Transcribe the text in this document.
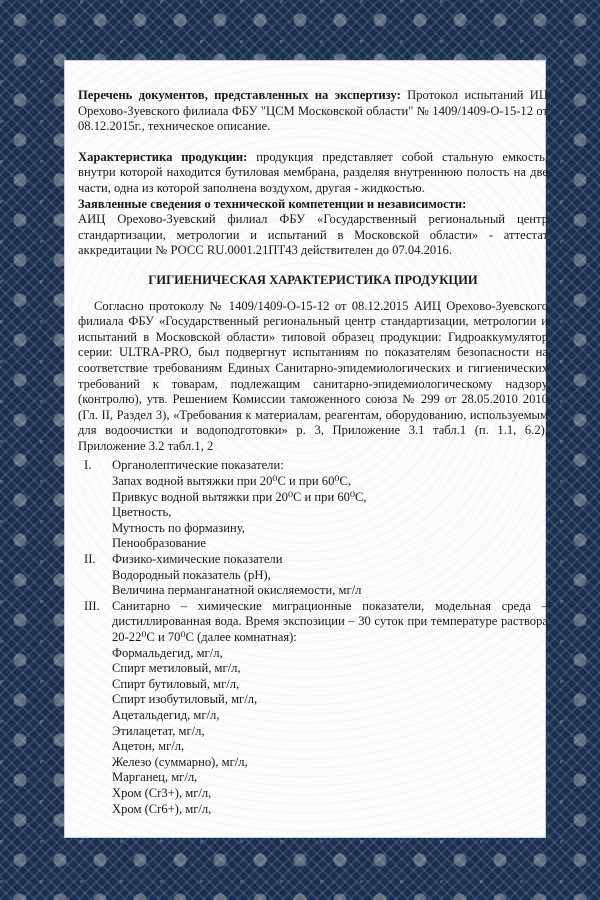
Перечень документов, представленных на экспертизу: Протокол испытаний ИЦ Орехово-Зуевского филиала ФБУ "ЦСМ Московской области" № 1409/1409-О-15-12 от 08.12.2015г., техническое описание.

Характеристика продукции: продукция представляет собой стальную емкость, внутри которой находится бутиловая мембрана, разделяя внутреннюю полость на две части, одна из которой заполнена воздухом, другая - жидкостью.

Заявленные сведения о технической компетенции и независимости:

АИЦ Орехово-Зуевский филиал ФБУ «Государственный региональный центр стандартизации, метрологии и испытаний в Московской области» - аттестат аккредитации № РОСС RU.0001.21ПТ43 действителен до 07.04.2016.

ГИГИЕНИЧЕСКАЯ ХАРАКТЕРИСТИКА ПРОДУКЦИИ

Согласно протоколу № 1409/1409-О-15-12 от 08.12.2015 АИЦ Орехово-Зуевского филиала ФБУ «Государственный региональный центр стандартизации, метрологии и испытаний в Московской области» типовой образец продукции: Гидроаккумулятор серии: ULTRA-PRO, был подвергнут испытаниям по показателям безопасности на соответствие требованиям Единых Санитарно-эпидемиологических и гигиенических требований к товарам, подлежащим санитарно-эпидемиологическому надзору (контролю), утв. Решением Комиссии таможенного союза № 299 от 28.05.2010 2010 (Гл. II, Раздел 3), «Требования к материалам, реагентам, оборудованию, используемым для водоочистки и водоподготовки» р. 3, Приложение 3.1 табл.1 (п. 1.1, 6.2), Приложение 3.2 табл.1, 2

I.	Органолептические показатели:
Запах водной вытяжки при 20⁰С и при 60⁰С,
Привкус водной вытяжки при 20⁰С и при 60⁰С,
Цветность,
Мутность по формазину,
Пенообразование
II.	Физико-химические показатели
Водородный показатель (pH),
Величина перманганатной окисляемости, мг/л
III. Санитарно – химические миграционные показатели, модельная среда – дистиллированная вода. Время экспозиции – 30 суток при температуре раствора 20-22⁰С и 70⁰С (далее комнатная):
Формальдегид, мг/л,
Спирт метиловый, мг/л,
Спирт бутиловый, мг/л,
Спирт изобутиловый, мг/л,
Ацетальдегид, мг/л,
Этилацетат, мг/л,
Ацетон, мг/л,
Железо (суммарно), мг/л,
Марганец, мг/л,
Хром (Cr3+), мг/л,
Хром (Cr6+), мг/л,
